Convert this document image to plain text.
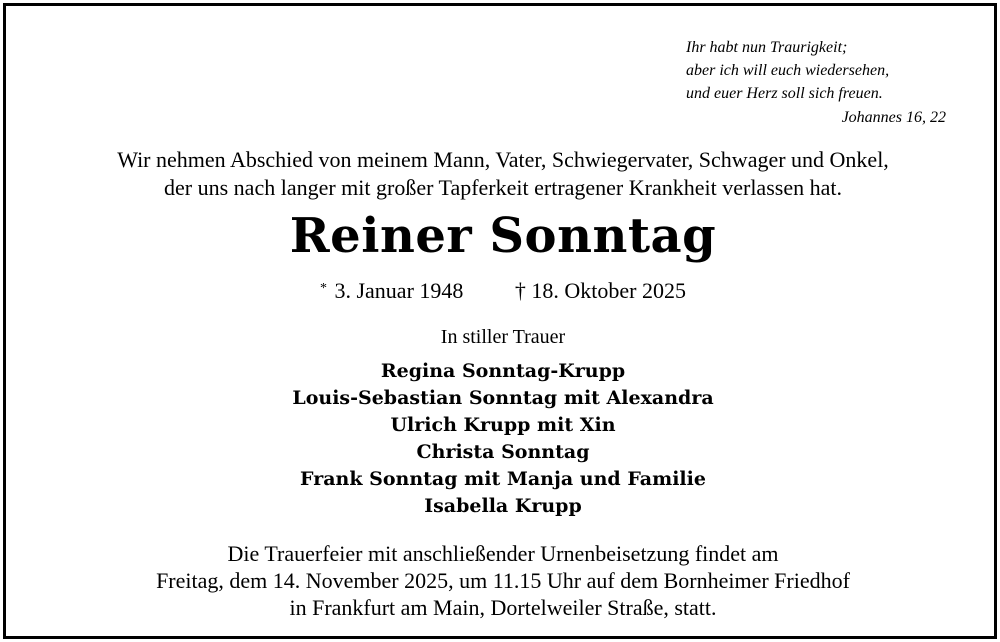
Ihr habt nun Traurigkeit;
aber ich will euch wiedersehen,
und euer Herz soll sich freuen.
Johannes 16, 22
Wir nehmen Abschied von meinem Mann, Vater, Schwiegervater, Schwager und Onkel,
der uns nach langer mit großer Tapferkeit ertragener Krankheit verlassen hat.
Reiner Sonntag
* 3. Januar 1948 † 18. Oktober 2025
In stiller Trauer
Regina Sonntag-Krupp
Louis-Sebastian Sonntag mit Alexandra
Ulrich Krupp mit Xin
Christa Sonntag
Frank Sonntag mit Manja und Familie
Isabella Krupp
Die Trauerfeier mit anschließender Urnenbeisetzung findet am
Freitag, dem 14. November 2025, um 11.15 Uhr auf dem Bornheimer Friedhof
in Frankfurt am Main, Dortelweiler Straße, statt.
